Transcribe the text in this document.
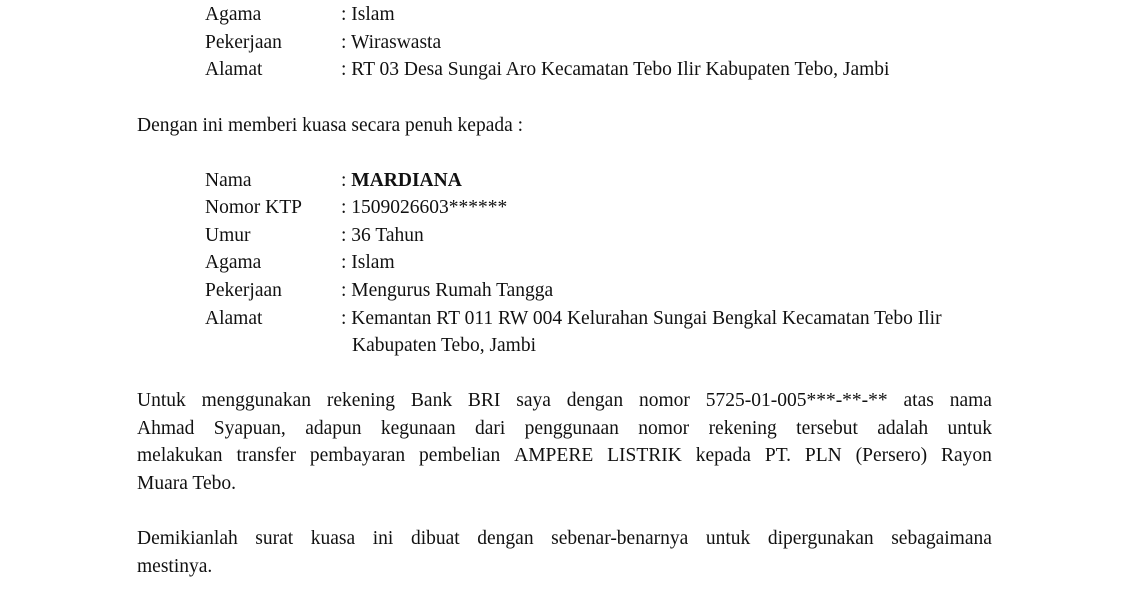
Agama	: Islam
Pekerjaan	: Wiraswasta
Alamat	: RT 03 Desa Sungai Aro Kecamatan Tebo Ilir Kabupaten Tebo, Jambi
Dengan ini memberi kuasa secara penuh kepada :
Nama	: MARDIANA
Nomor KTP : 1509026603******
Umur	: 36 Tahun
Agama	: Islam
Pekerjaan	: Mengurus Rumah Tangga
Alamat	: Kemantan RT 011 RW 004 Kelurahan Sungai Bengkal Kecamatan Tebo Ilir
Kabupaten Tebo, Jambi
Untuk menggunakan rekening Bank BRI saya dengan nomor 5725-01-005***-**-** atas nama
Ahmad Syapuan, adapun kegunaan dari penggunaan nomor rekening tersebut adalah untuk
melakukan transfer pembayaran pembelian AMPERE LISTRIK kepada PT. PLN (Persero) Rayon
Muara Tebo.
Demikianlah surat kuasa ini dibuat dengan sebenar-benarnya untuk dipergunakan sebagaimana
mestinya.
